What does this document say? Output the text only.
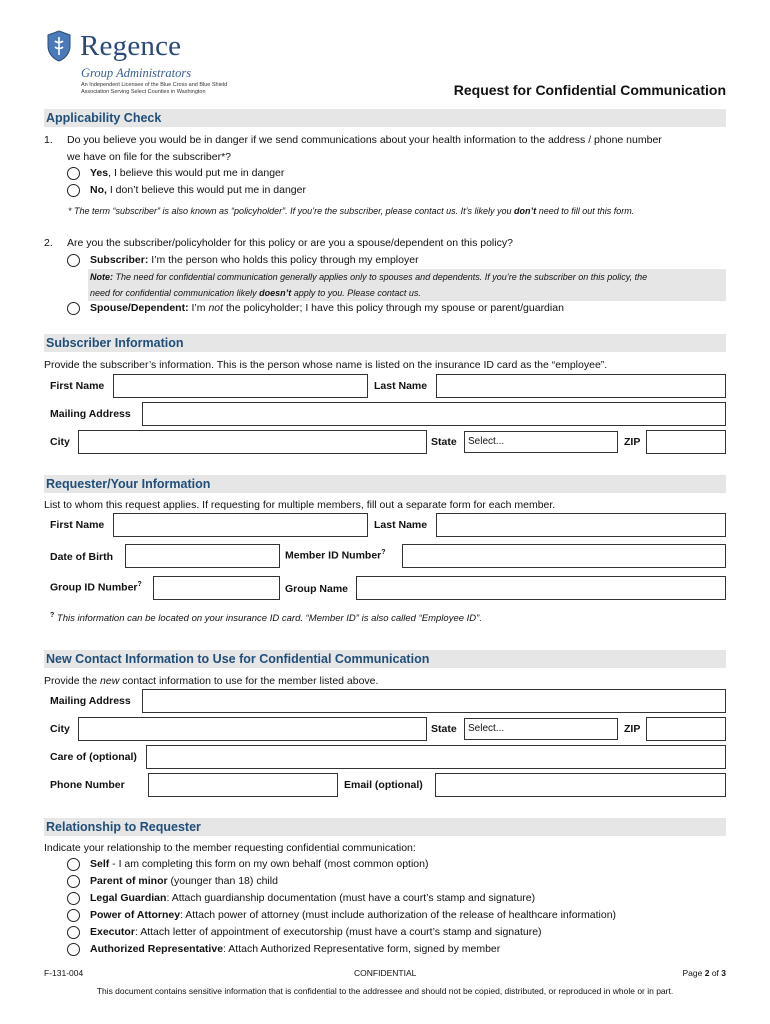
Regence
Group Administrators
An Independent Licensee of the Blue Cross and Blue Shield
Association Serving Select Counties in Washington	Request for Confidential Communication
Applicability Check
1. Do you believe you would be in danger if we send communications about your health information to the address / phone number
we have on file for the subscriber*?
Yes, I believe this would put me in danger
No, I don’t believe this would put me in danger
* The term “subscriber” is also known as “policyholder”. If you’re the subscriber, please contact us. It’s likely you don’t need to fill out this form.
2. Are you the subscriber/policyholder for this policy or are you a spouse/dependent on this policy?
Subscriber: I’m the person who holds this policy through my employer
Note: The need for confidential communication generally applies only to spouses and dependents. If you’re the subscriber on this policy, the
need for confidential communication likely doesn’t apply to you. Please contact us.
Spouse/Dependent: I’m not the policyholder; I have this policy through my spouse or parent/guardian
Subscriber Information
Provide the subscriber’s information. This is the person whose name is listed on the insurance ID card as the “employee”.
First Name	Last Name
Mailing Address
City	State	Select...	ZIP
Requester/Your Information
List to whom this request applies. If requesting for multiple members, fill out a separate form for each member.
First Name	Last Name
Date of Birth	Member ID Number?
Group ID Number?	Group Name
? This information can be located on your insurance ID card. “Member ID” is also called “Employee ID”.
New Contact Information to Use for Confidential Communication
Provide the new contact information to use for the member listed above.
Mailing Address
City	State	Select...	ZIP
Care of (optional)
Phone Number	Email (optional)
Relationship to Requester
Indicate your relationship to the member requesting confidential communication:
Self - I am completing this form on my own behalf (most common option)
Parent of minor (younger than 18) child
Legal Guardian: Attach guardianship documentation (must have a court’s stamp and signature)
Power of Attorney: Attach power of attorney (must include authorization of the release of healthcare information)
Executor: Attach letter of appointment of executorship (must have a court’s stamp and signature)
Authorized Representative: Attach Authorized Representative form, signed by member
F-131-004	CONFIDENTIAL	Page 2 of 3
This document contains sensitive information that is confidential to the addressee and should not be copied, distributed, or reproduced in whole or in part.
